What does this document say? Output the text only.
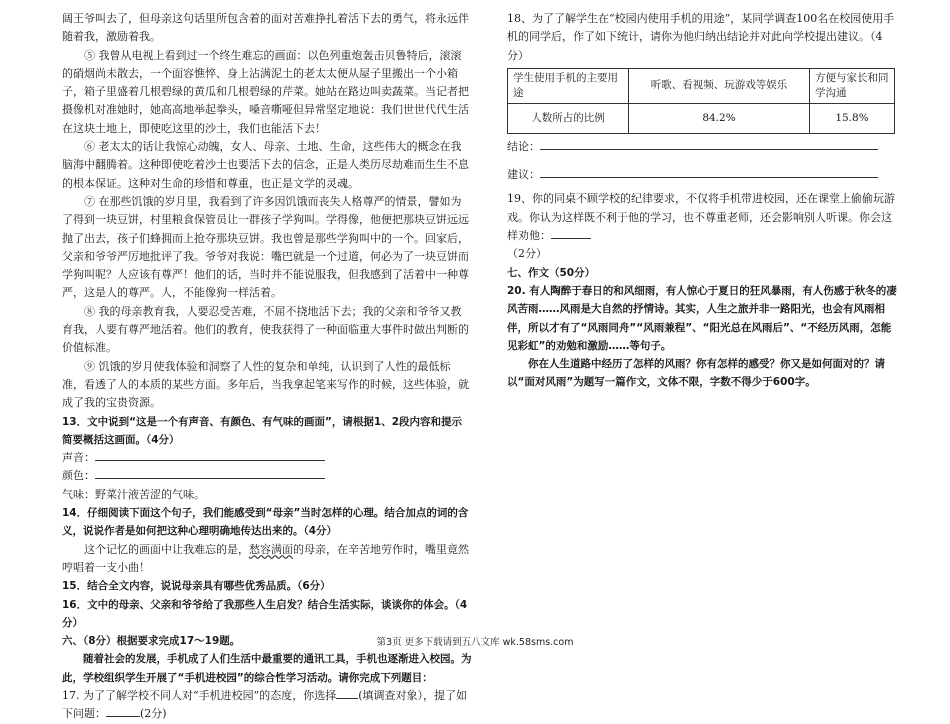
阔王爷叫去了，但母亲这句话里所包含着的面对苦难挣扎着活下去的勇气，将永远伴随着我，激励着我。

⑤ 我曾从电视上看到过一个终生难忘的画面：以色列重炮轰击贝鲁特后，滚滚的硝烟尚未散去，一个面容憔悴、身上沾满泥土的老太太便从屋子里搬出一个小箱子，箱子里盛着几根碧绿的黄瓜和几根碧绿的芹菜。她站在路边叫卖蔬菜。当记者把摄像机对准她时，她高高地举起拳头，嗓音嘶哑但异常坚定地说：我们世世代代生活在这块土地上，即使吃这里的沙土，我们也能活下去！

⑥ 老太太的话让我惊心动魄，女人、母亲、土地、生命，这些伟大的概念在我脑海中翻腾着。这种即使吃着沙土也要活下去的信念，正是人类历尽劫难而生生不息的根本保证。这种对生命的珍惜和尊重，也正是文学的灵魂。

⑦ 在那些饥饿的岁月里，我看到了许多因饥饿而丧失人格尊严的情景，譬如为了得到一块豆饼，村里粮食保管员让一群孩子学狗叫。学得像，他便把那块豆饼远远抛了出去，孩子们蜂拥而上抢夺那块豆饼。我也曾是那些学狗叫中的一个。回家后，父亲和爷爷严厉地批评了我。爷爷对我说：嘴巴就是一个过道，何必为了一块豆饼而学狗叫呢？人应该有尊严！他们的话，当时并不能说服我，但我感到了活着中一种尊严，这是人的尊严。人，不能像狗一样活着。

⑧ 我的母亲教育我，人要忍受苦难，不屈不挠地活下去；我的父亲和爷爷又教育我，人要有尊严地活着。他们的教育，使我获得了一种面临重大事件时做出判断的价值标准。

⑨ 饥饿的岁月使我体验和洞察了人性的复杂和单纯，认识到了人性的最低标准，看透了人的本质的某些方面。多年后，当我拿起笔来写作的时候，这些体验，就成了我的宝贵资源。

13．文中说到“这是一个有声音、有颜色、有气味的画面”，请根据1、2段内容和提示简要概括这画面。（4分）

声音：

颜色：

气味：野菜汁液苦涩的气味。

14．仔细阅读下面这个句子，我们能感受到“母亲”当时怎样的心理。结合加点的词的含义，说说作者是如何把这种心理明确地传达出来的。（4分）

这个记忆的画面中让我难忘的是，愁容满面的母亲，在辛苦地劳作时，嘴里竟然哼唱着一支小曲！

15．结合全文内容，说说母亲具有哪些优秀品质。（6分）

16．文中的母亲、父亲和爷爷给了我那些人生启发？结合生活实际，谈谈你的体会。（4分）

六、（8分）根据要求完成17～19题。

随着社会的发展，手机成了人们生活中最重要的通讯工具，手机也逐渐进入校园。为此，学校组织学生开展了“手机进校园”的综合性学习活动。请你完成下列题目：

17. 为了了解学校不同人对“手机进校园”的态度，你选择 (填调查对象），提了如下问题：	(2分)

18、为了了解学生在“校园内使用手机的用途”，某同学调查100名在校园使用手机的同学后，作了如下统计，请你为他归纳出结论并对此向学校提出建议。（4分）

学生使用手机的主要用途	听歌、看视频、玩游戏等娱乐	方便与家长和同学沟通
人数所占的比例	84.2%	15.8%

结论：

建议：

19、你的同桌不顾学校的纪律要求，不仅将手机带进校园，还在课堂上偷偷玩游戏。你认为这样既不利于他的学习，也不尊重老师，还会影响别人听课。你会这样劝他：
（2分）

七、作文（50分）

20. 有人陶醉于春日的和风细雨，有人惊心于夏日的狂风暴雨，有人伤感于秋冬的凄风苦雨……风雨是大自然的抒情诗。其实，人生之旅并非一路阳光，也会有风雨相伴，所以才有了“风雨同舟”“风雨兼程”、“阳光总在风雨后”、“不经历风雨，怎能见彩虹”的劝勉和激励……等句子。

你在人生道路中经历了怎样的风雨？你有怎样的感受？你又是如何面对的？请以“面对风雨”为题写一篇作文，文体不限，字数不得少于600字。

第3页 更多下载请到五八文库 wk.58sms.com
